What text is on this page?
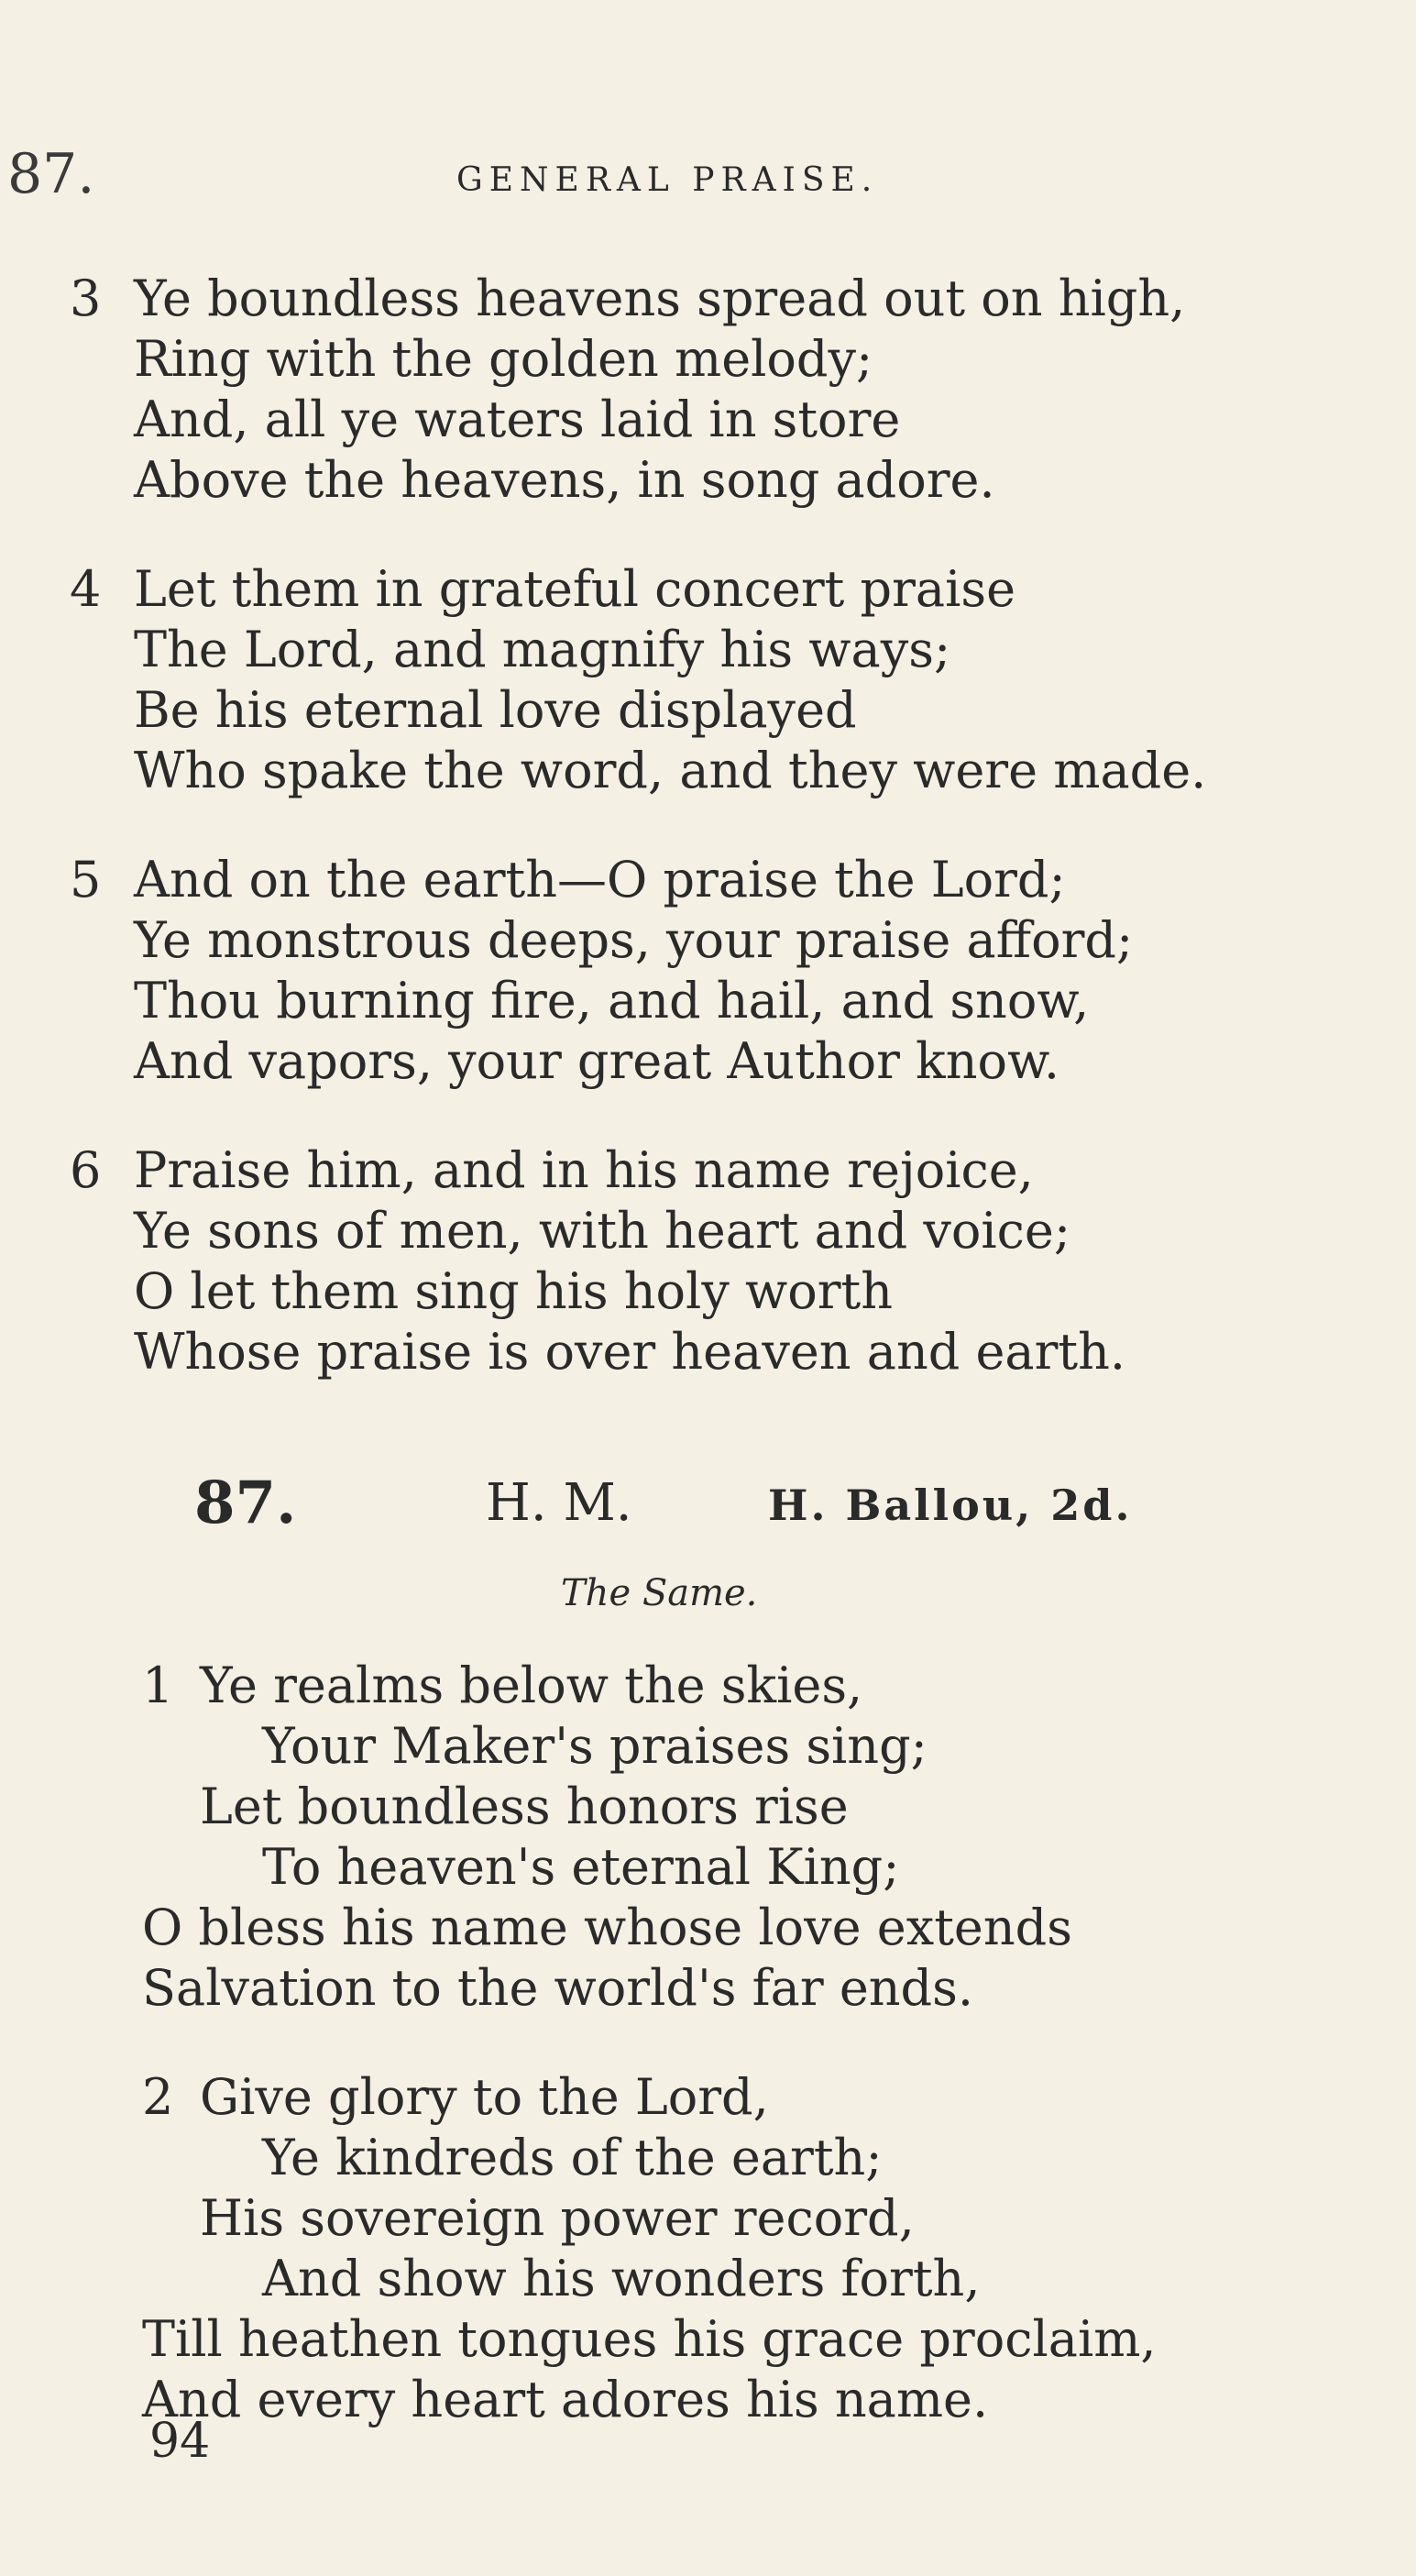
87.	GENERAL PRAISE.
3 Ye boundless heavens spread out on high,
Ring with the golden melody;
And, all ye waters laid in store
Above the heavens, in song adore.
4 Let them in grateful concert praise
The Lord, and magnify his ways;
Be his eternal love displayed
Who spake the word, and they were made.
5 And on the earth—O praise the Lord;
Ye monstrous deeps, your praise afford;
Thou burning fire, and hail, and snow,
And vapors, your great Author know.
6 Praise him, and in his name rejoice,
Ye sons of men, with heart and voice;
O let them sing his holy worth
Whose praise is over heaven and earth.
87.	H. M.	H. Ballou, 2d.
The Same.
1 Ye realms below the skies,
Your Maker's praises sing;
Let boundless honors rise
To heaven's eternal King;
O bless his name whose love extends
Salvation to the world's far ends.
2 Give glory to the Lord,
Ye kindreds of the earth;
His sovereign power record,
And show his wonders forth,
Till heathen tongues his grace proclaim,
And every heart adores his name.
94
